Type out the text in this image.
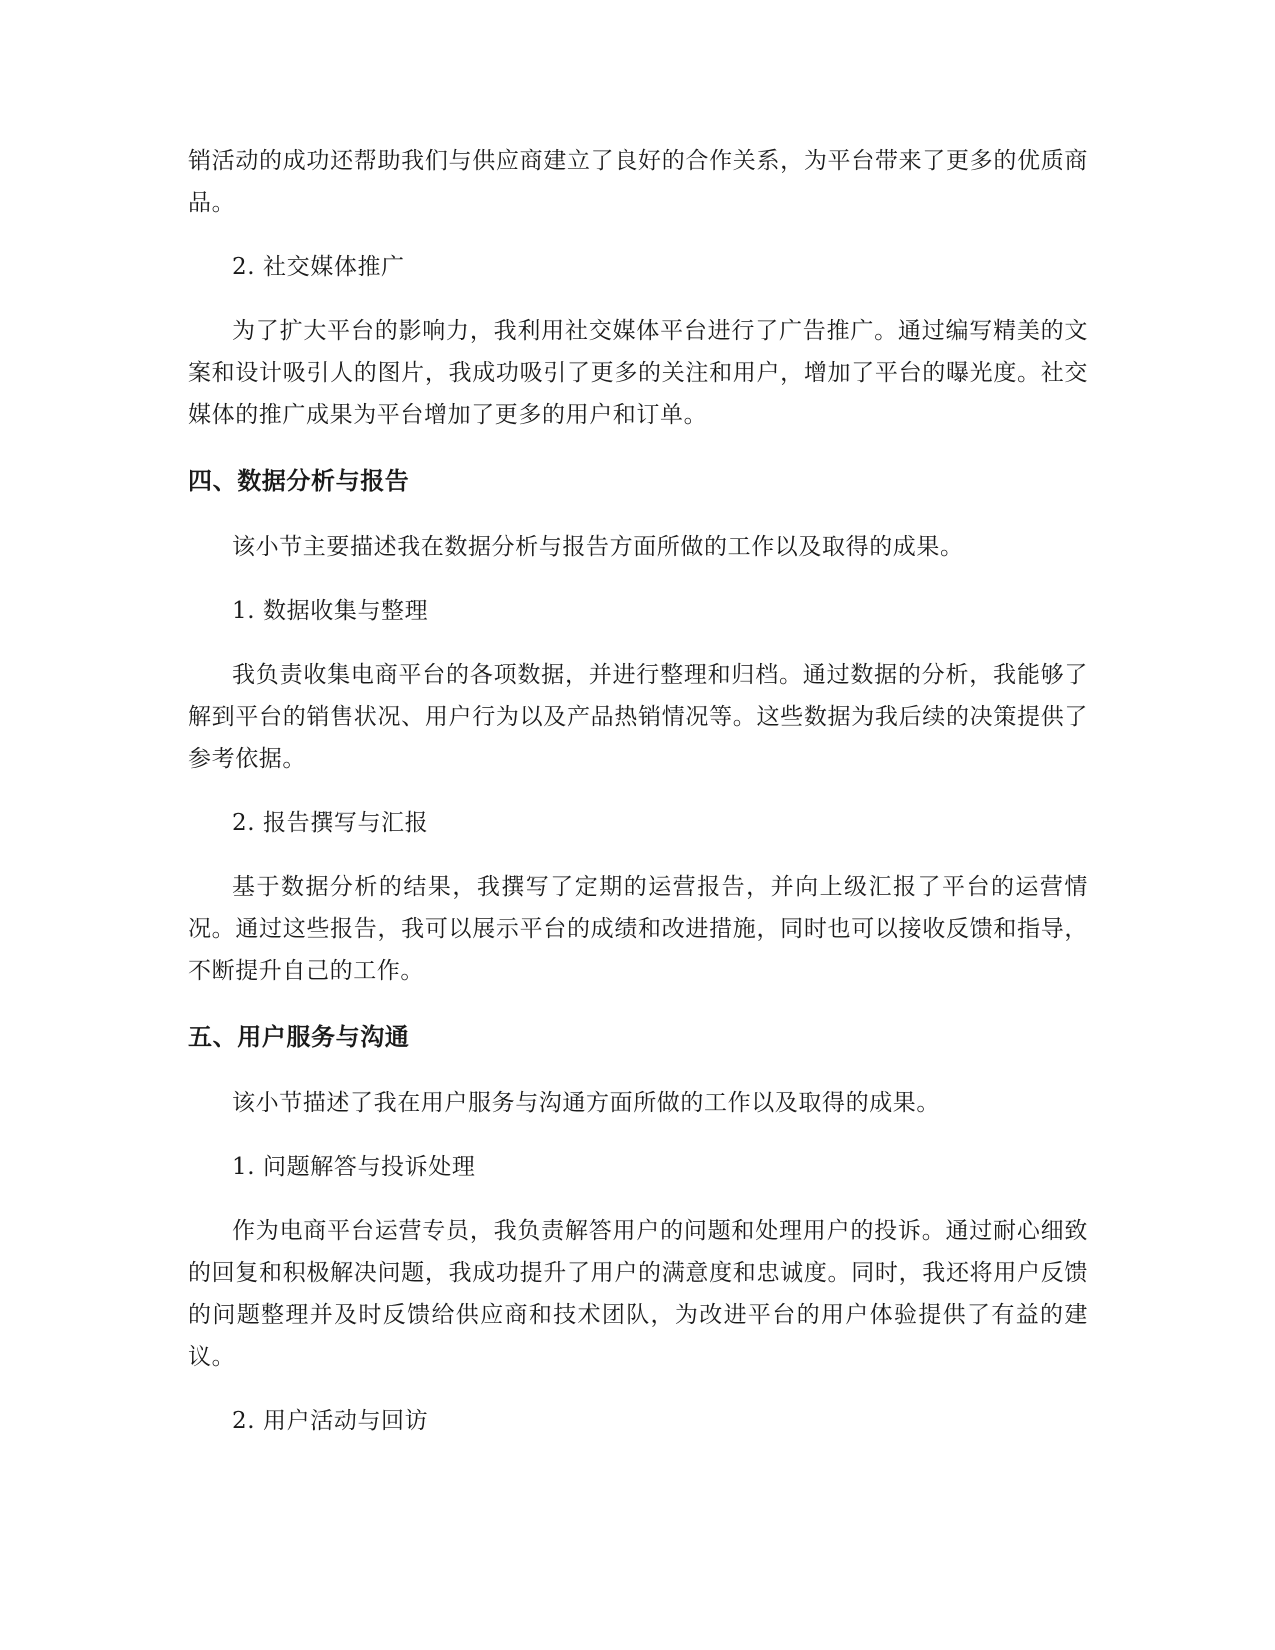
销活动的成功还帮助我们与供应商建立了良好的合作关系，为平台带来了更多的优质商品。

2. 社交媒体推广

为了扩大平台的影响力，我利用社交媒体平台进行了广告推广。通过编写精美的文案和设计吸引人的图片，我成功吸引了更多的关注和用户，增加了平台的曝光度。社交媒体的推广成果为平台增加了更多的用户和订单。

四、数据分析与报告

该小节主要描述我在数据分析与报告方面所做的工作以及取得的成果。

1. 数据收集与整理

我负责收集电商平台的各项数据，并进行整理和归档。通过数据的分析，我能够了解到平台的销售状况、用户行为以及产品热销情况等。这些数据为我后续的决策提供了参考依据。

2. 报告撰写与汇报

基于数据分析的结果，我撰写了定期的运营报告，并向上级汇报了平台的运营情况。通过这些报告，我可以展示平台的成绩和改进措施，同时也可以接收反馈和指导，不断提升自己的工作。

五、用户服务与沟通

该小节描述了我在用户服务与沟通方面所做的工作以及取得的成果。

1. 问题解答与投诉处理

作为电商平台运营专员，我负责解答用户的问题和处理用户的投诉。通过耐心细致的回复和积极解决问题，我成功提升了用户的满意度和忠诚度。同时，我还将用户反馈的问题整理并及时反馈给供应商和技术团队，为改进平台的用户体验提供了有益的建议。

2. 用户活动与回访
